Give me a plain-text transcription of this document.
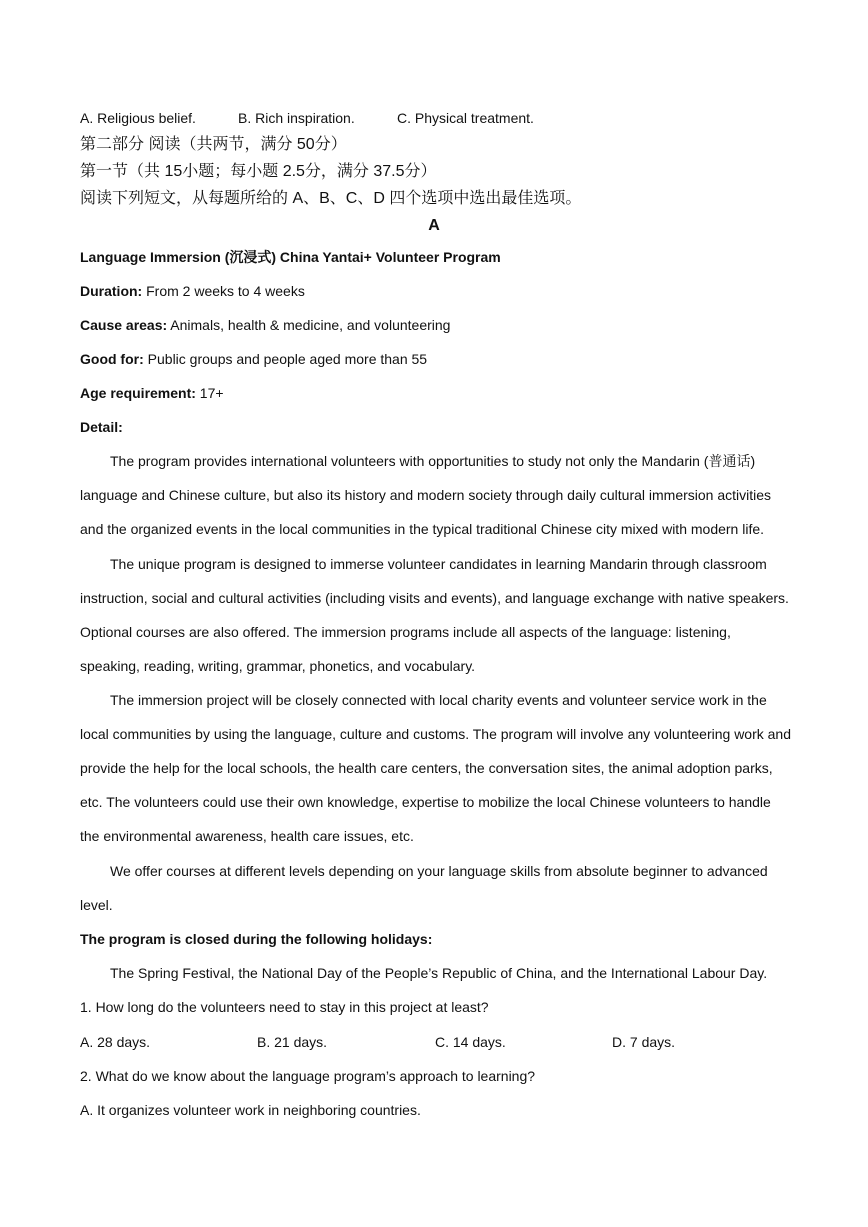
A. Religious belief.	B. Rich inspiration.	C. Physical treatment.
第二部分 阅读（共两节，满分 50分）
第一节（共 15小题；每小题 2.5分，满分 37.5分）
阅读下列短文，从每题所给的 A、B、C、D 四个选项中选出最佳选项。
A
Language Immersion (沉浸式) China Yantai+ Volunteer Program
Duration: From 2 weeks to 4 weeks
Cause areas: Animals, health & medicine, and volunteering
Good for: Public groups and people aged more than 55
Age requirement: 17+
Detail:
The program provides international volunteers with opportunities to study not only the Mandarin (普通话) language and Chinese culture, but also its history and modern society through daily cultural immersion activities and the organized events in the local communities in the typical traditional Chinese city mixed with modern life.
The unique program is designed to immerse volunteer candidates in learning Mandarin through classroom instruction, social and cultural activities (including visits and events), and language exchange with native speakers. Optional courses are also offered. The immersion programs include all aspects of the language: listening, speaking, reading, writing, grammar, phonetics, and vocabulary.
The immersion project will be closely connected with local charity events and volunteer service work in the local communities by using the language, culture and customs. The program will involve any volunteering work and provide the help for the local schools, the health care centers, the conversation sites, the animal adoption parks, etc. The volunteers could use their own knowledge, expertise to mobilize the local Chinese volunteers to handle the environmental awareness, health care issues, etc.
We offer courses at different levels depending on your language skills from absolute beginner to advanced level.
The program is closed during the following holidays:
The Spring Festival, the National Day of the People’s Republic of China, and the International Labour Day.
1. How long do the volunteers need to stay in this project at least?
A. 28 days.	B. 21 days.	C. 14 days.	D. 7 days.
2. What do we know about the language program’s approach to learning?
A. It organizes volunteer work in neighboring countries.
